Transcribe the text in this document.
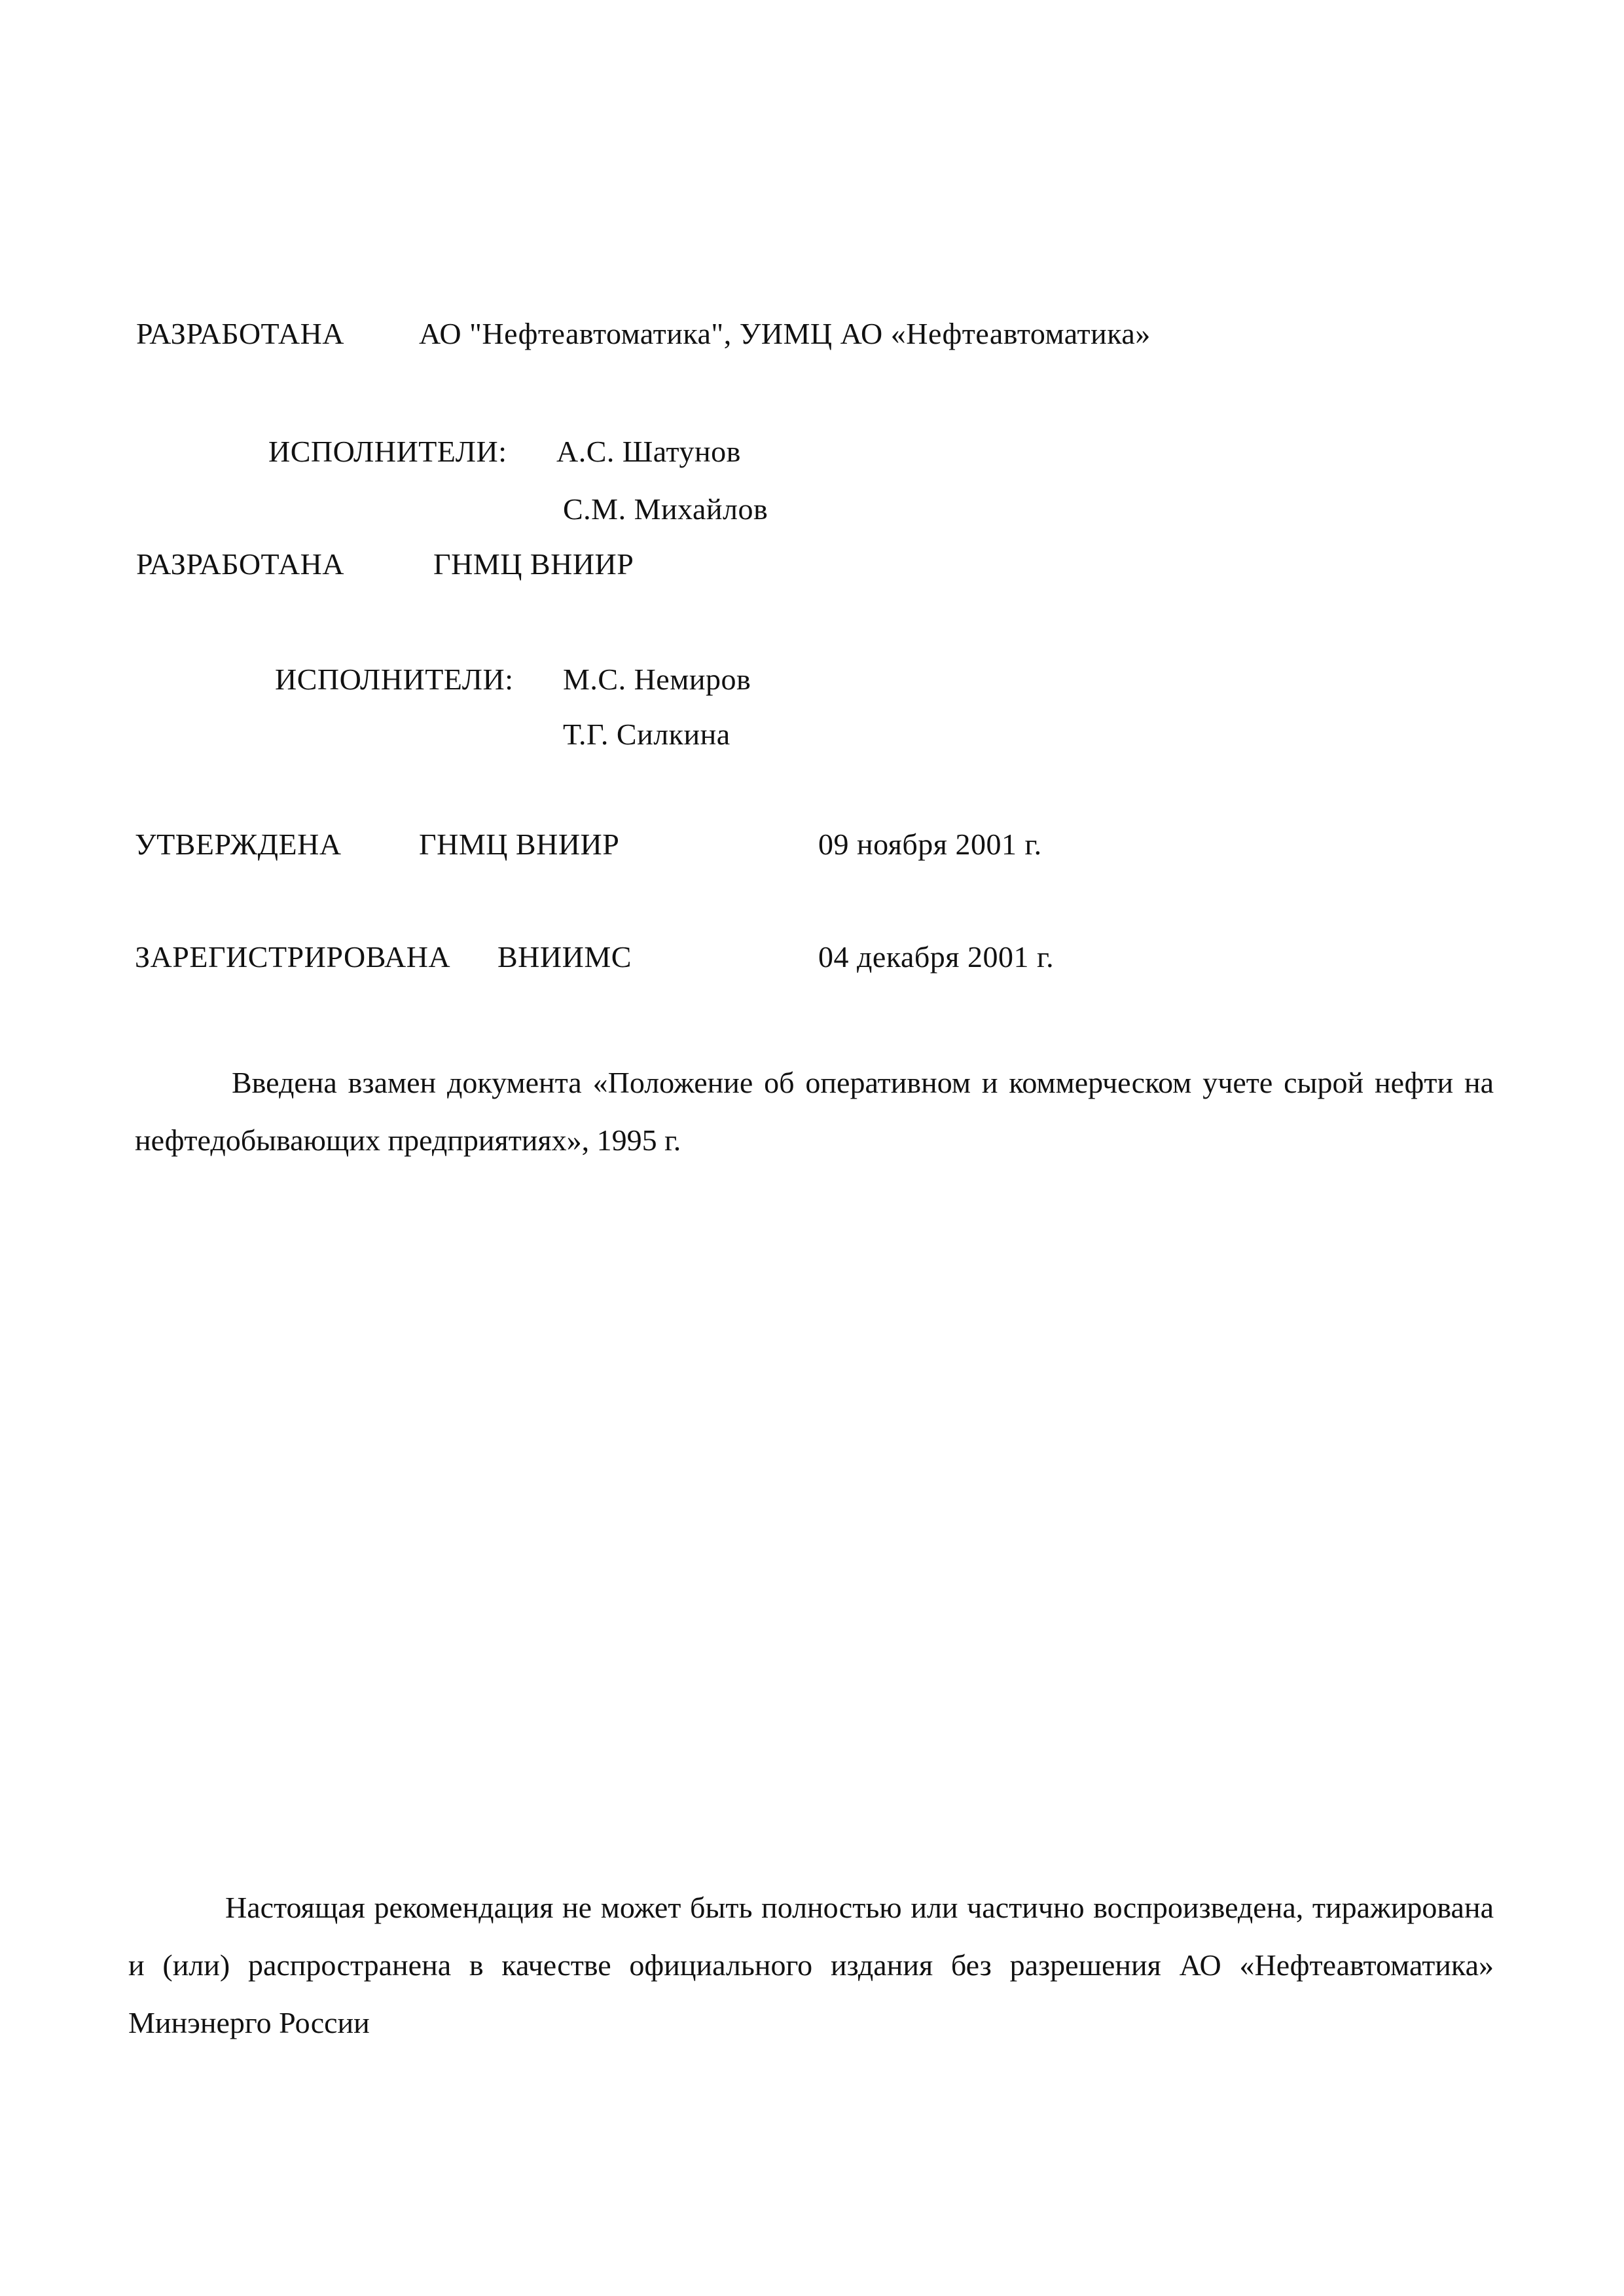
РАЗРАБОТАНА АО "Нефтеавтоматика", УИМЦ АО «Нефтеавтоматика»
ИСПОЛНИТЕЛИ: А.С. Шатунов
С.М. Михайлов
РАЗРАБОТАНА	ГНМЦ ВНИИР
ИСПОЛНИТЕЛИ: М.С. Немиров
Т.Г. Силкина
УТВЕРЖДЕНА	ГНМЦ ВНИИР	09 ноября 2001 г.
ЗАРЕГИСТРИРОВАНА ВНИИМС	04 декабря 2001 г.
Введена взамен документа «Положение об оперативном и коммерческом учете сырой нефти на нефтедобывающих предприятиях», 1995 г.
Настоящая рекомендация не может быть полностью или частично воспроизведена, тиражирована и (или) распространена в качестве официального издания без разрешения АО «Нефтеавтоматика» Минэнерго России
